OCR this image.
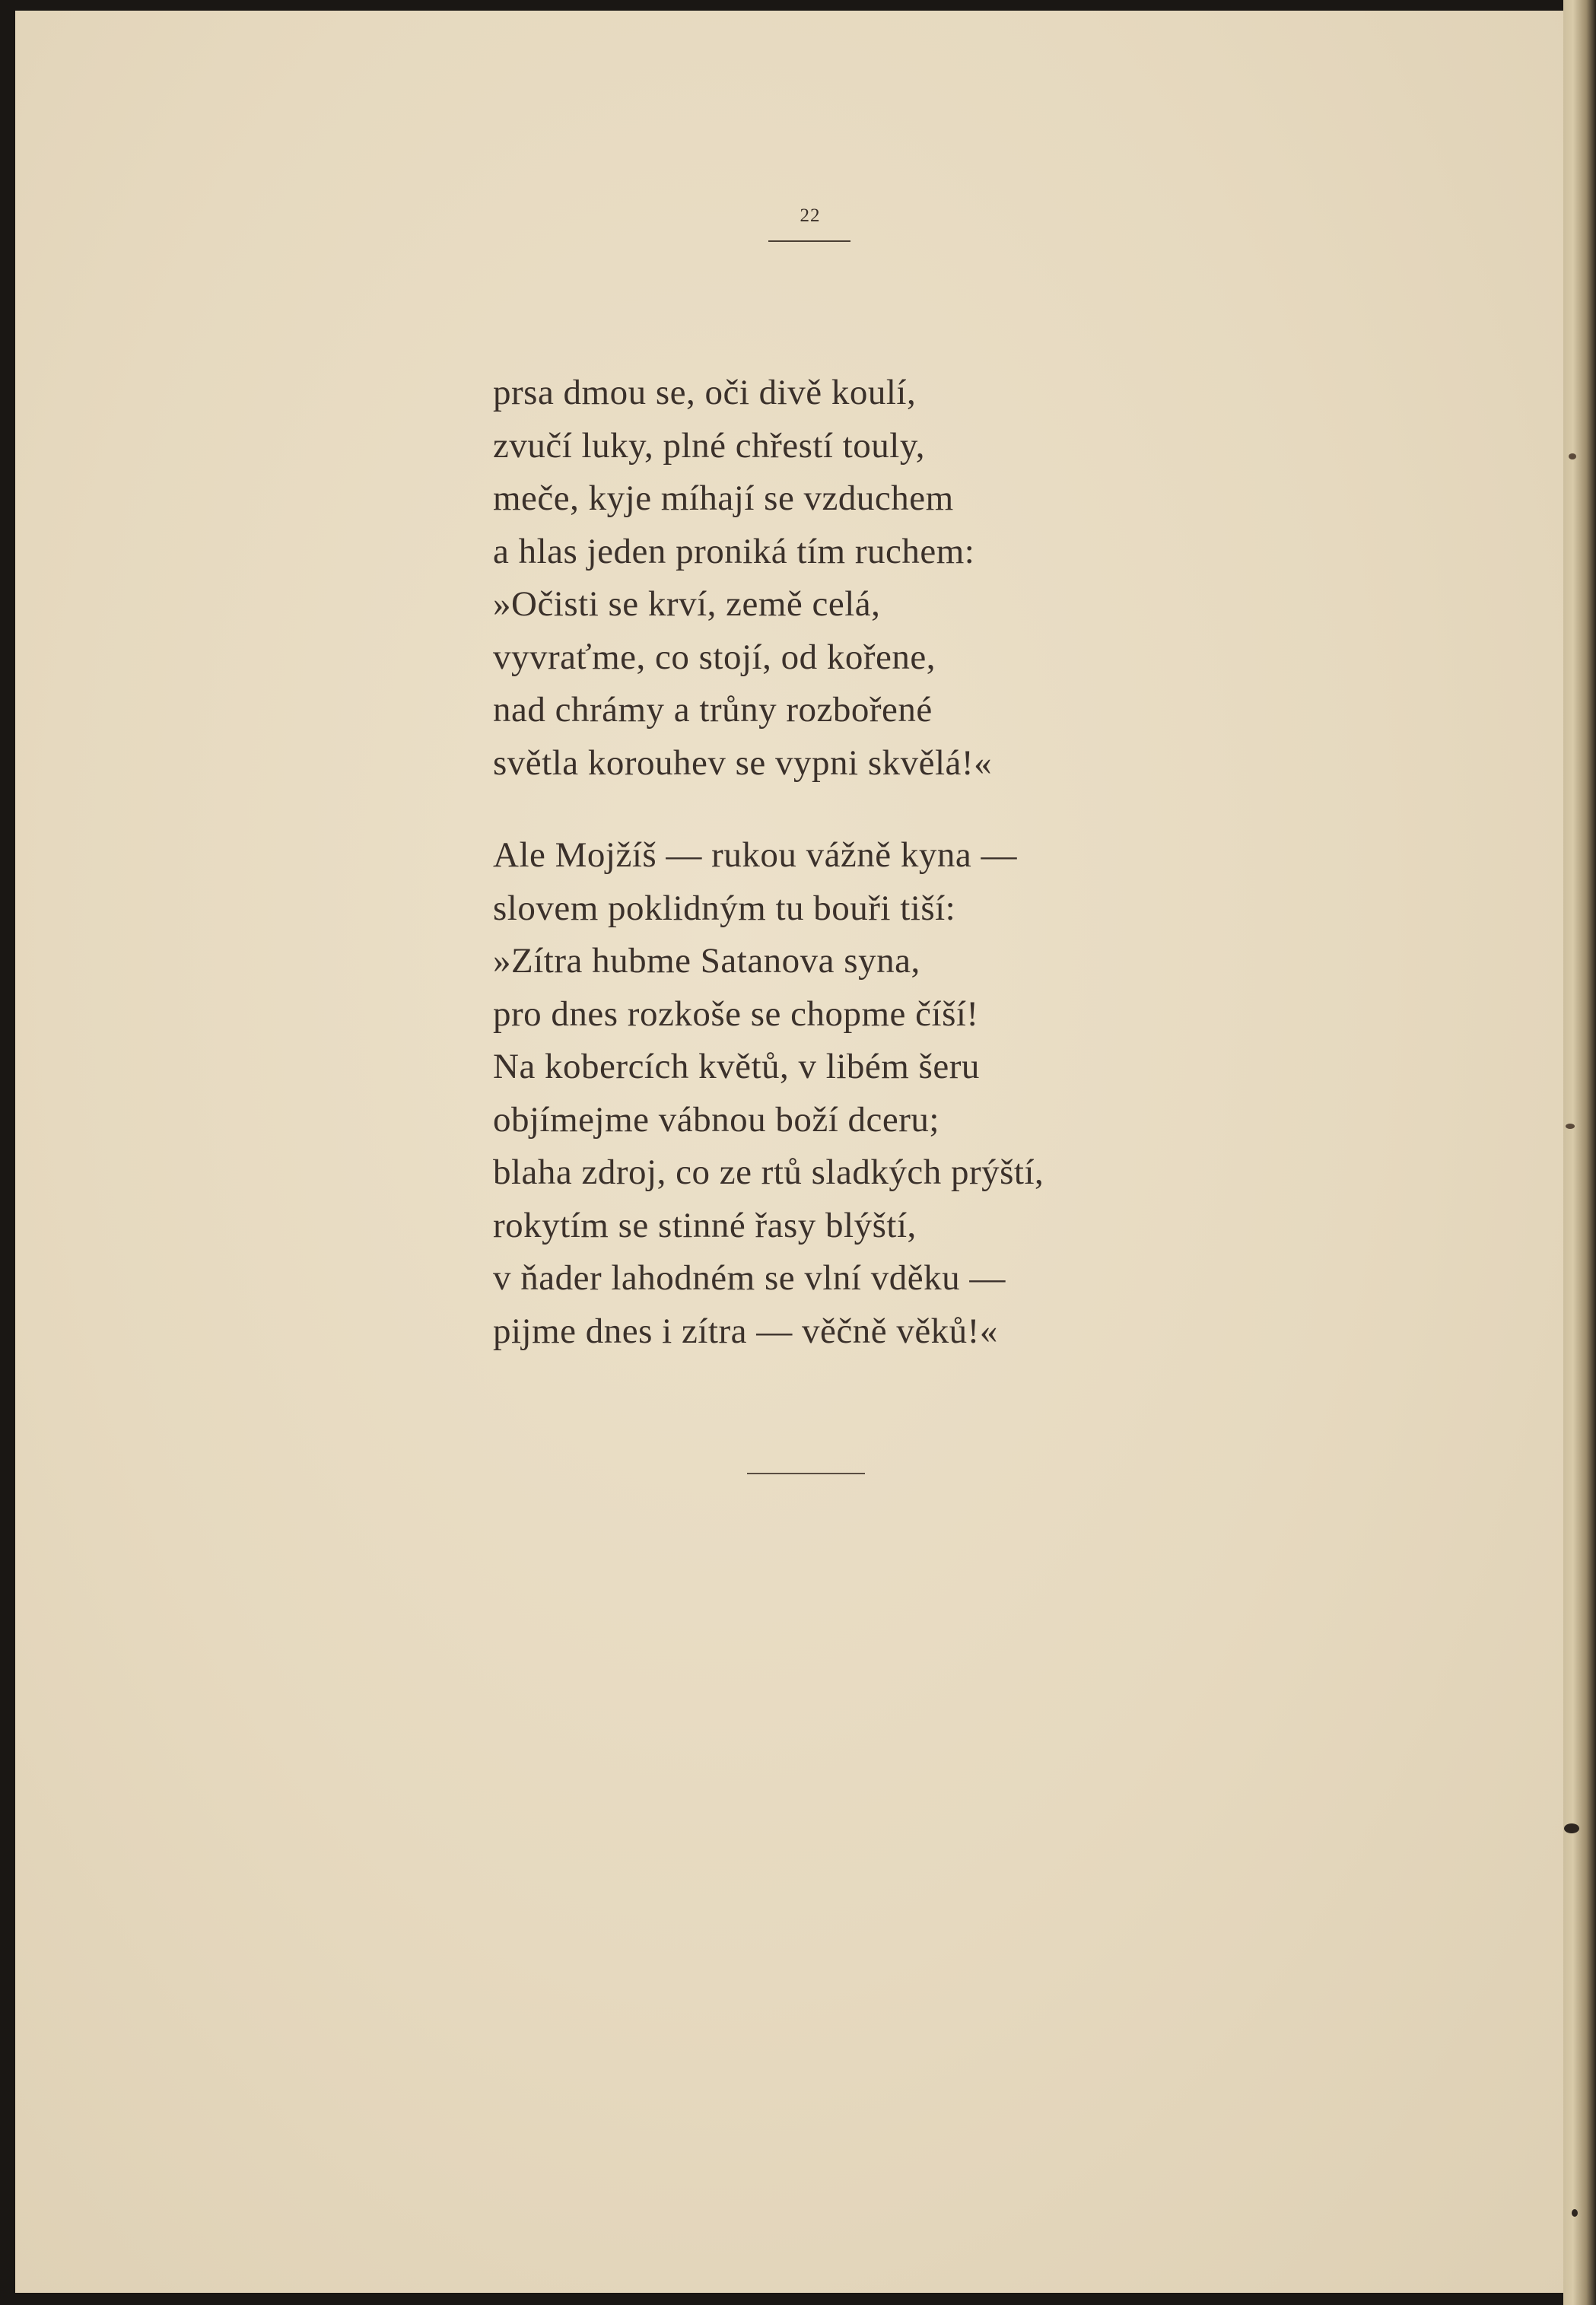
22
prsa dmou se, oči divě koulí,
zvučí luky, plné chřestí touly,
meče, kyje míhají se vzduchem
a hlas jeden proniká tím ruchem:
»Očisti se krví, země celá,
vyvraťme, co stojí, od kořene,
nad chrámy a trůny rozbořené
světla korouhev se vypni skvělá!«
Ale Mojžíš — rukou vážně kyna —
slovem poklidným tu bouři tiší:
»Zítra hubme Satanova syna,
pro dnes rozkoše se chopme číší!
Na kobercích květů, v libém šeru
objímejme vábnou boží dceru;
blaha zdroj, co ze rtů sladkých prýští,
rokytím se stinné řasy blýští,
v ňader lahodném se vlní vděku —
pijme dnes i zítra — věčně věků!«
